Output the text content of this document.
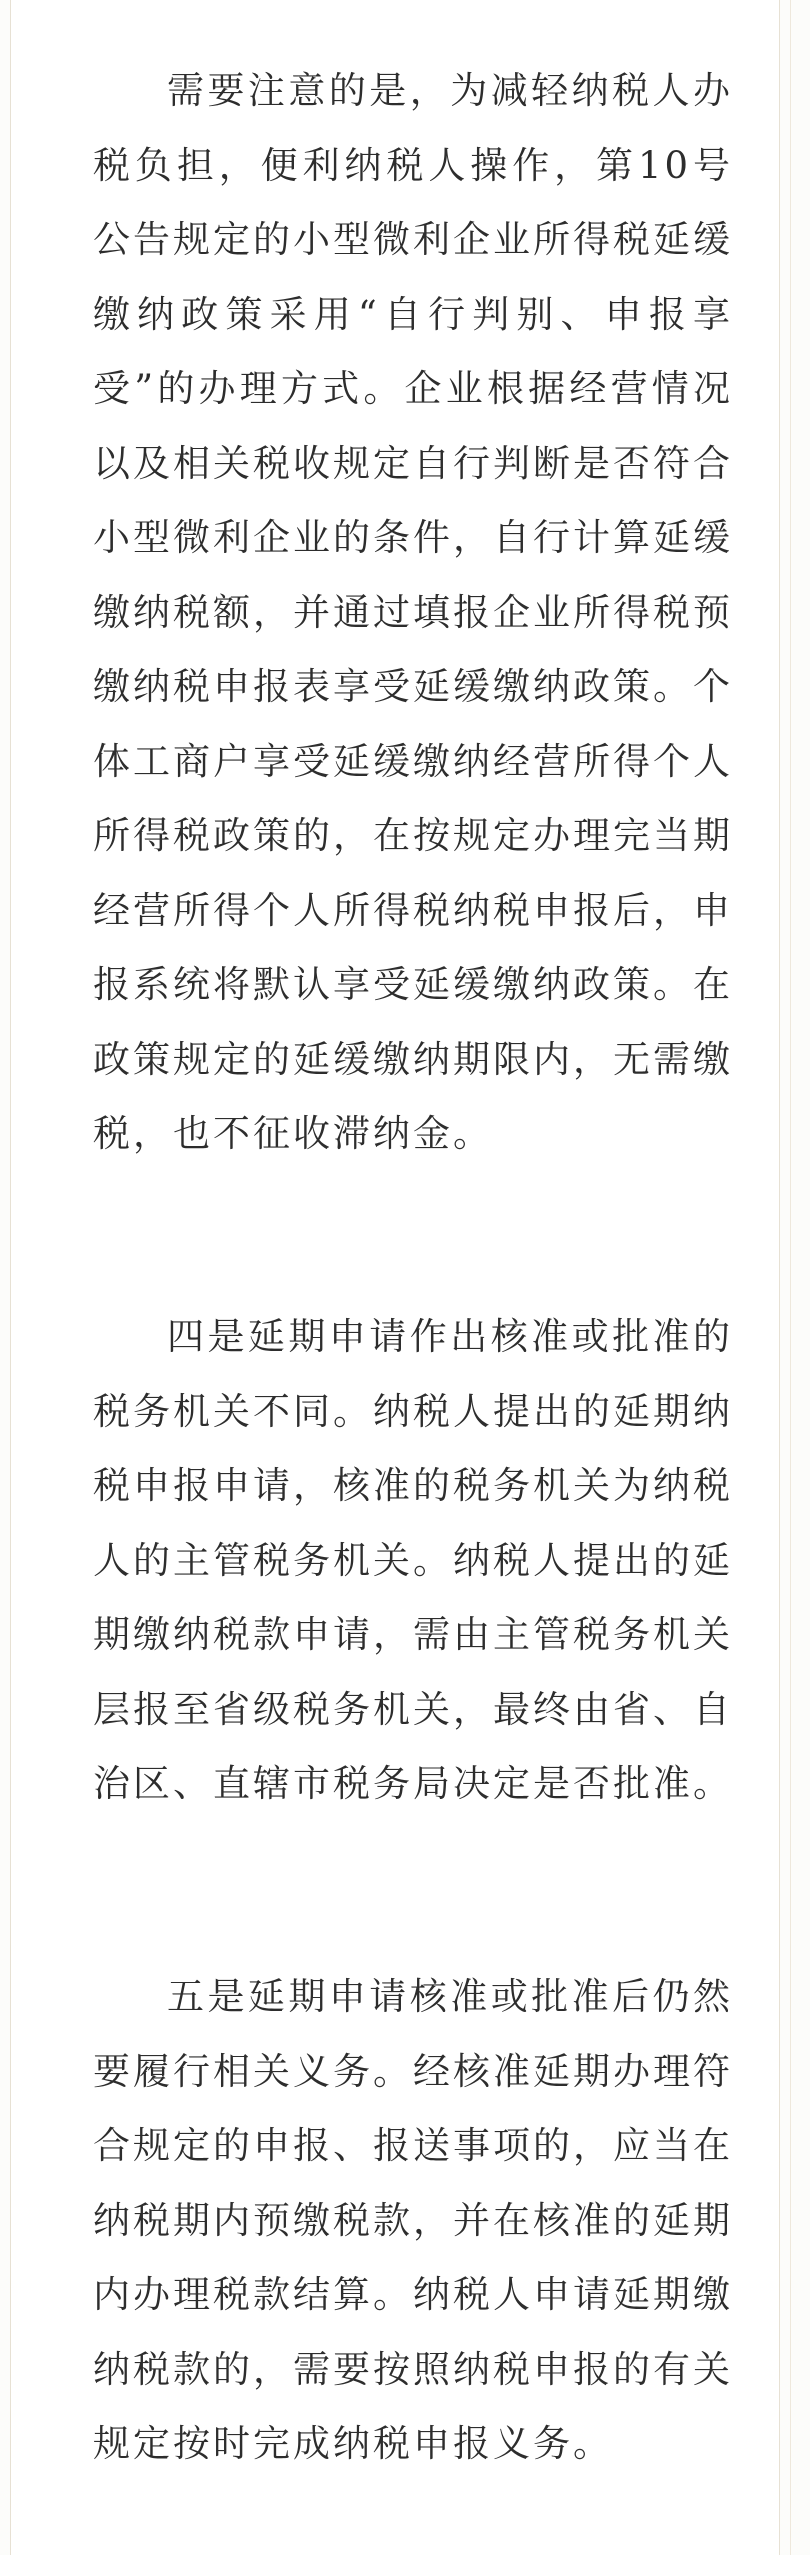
需要注意的是，为减轻纳税人办税负担，便利纳税人操作，第10号公告规定的小型微利企业所得税延缓缴纳政策采用“自行判别、申报享受”的办理方式。企业根据经营情况以及相关税收规定自行判断是否符合小型微利企业的条件，自行计算延缓缴纳税额，并通过填报企业所得税预缴纳税申报表享受延缓缴纳政策。个体工商户享受延缓缴纳经营所得个人所得税政策的，在按规定办理完当期经营所得个人所得税纳税申报后，申报系统将默认享受延缓缴纳政策。在政策规定的延缓缴纳期限内，无需缴税，也不征收滞纳金。

四是延期申请作出核准或批准的税务机关不同。纳税人提出的延期纳税申报申请，核准的税务机关为纳税人的主管税务机关。纳税人提出的延期缴纳税款申请，需由主管税务机关层报至省级税务机关，最终由省、自治区、直辖市税务局决定是否批准。

五是延期申请核准或批准后仍然要履行相关义务。经核准延期办理符合规定的申报、报送事项的，应当在纳税期内预缴税款，并在核准的延期内办理税款结算。纳税人申请延期缴纳税款的，需要按照纳税申报的有关规定按时完成纳税申报义务。
